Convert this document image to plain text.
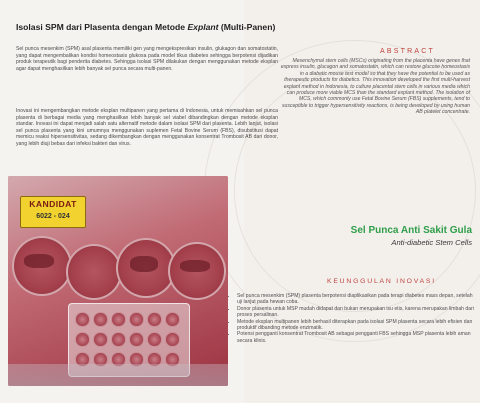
Isolasi SPM dari Plasenta dengan Metode Explant (Multi-Panen)
Sel punca mesenkim (SPM) asal plasenta memiliki gen yang mengekspresikan insulin, glukagon dan somatostatin, yang dapat mengembalikan kondisi homeostasis glukosa pada model tikus diabetes sehingga berpotensi dijadikan produk terapeutik bagi penderita diabetes. Sehingga isolasi SPM dilakukan dengan menggunakan metode eksplan agar dapat menghasilkan lebih banyak sel punca secara multi-panen.
Inovasi ini mengembangkan metode eksplan multipanen yang pertama di Indonesia, untuk memisahkan sel punca plasenta di berbagai media yang menghasilkan lebih banyak sel viabel dibandingkan dengan metode eksplan standar. Inovasi ini dapat menjadi salah satu alternatif metode dalam isolasi SPM dari plasenta. Lebih lanjut, isolasi sel punca plasenta yang kini umumnya menggunakan suplemen Fetal Bovine Serum (FBS), disubstitusi dapat memicu reaksi hipersensitivitas, sedang dikembangkan dengan menggunakan konsentrat Trombosit AB dari donor, yang lebih diuji bebas dari infeksi bakteri dan virus.
KANDIDAT
6022 - 024
ABSTRACT
Mesenchymal stem cells (MSCs) originating from the placenta have genes that express insulin, glucagon and somatostatin, which can restore glucose homeostasis in a diabetic mouse test model so that they have the potential to be used as therapeutic products for diabetics. This innovation developed the first multi-harvest explant method in Indonesia, to culture placental stem cells in various media which can produce more viable MCS than the standard explant method. The isolation of MCS, which commonly use Fetal Bovine Serum (FBS) supplements, tend to susceptible to trigger hypersensitivity reactions, is being developed by using human AB platelet concentrate.
Sel Punca Anti Sakit Gula
Anti-diabetic Stem Cells
KEUNGGULAN INOVASI
• Sel punca mesenkim (SPM) plasenta berpotensi diaplikasikan pada terapi diabetes mass depan, setelah uji lanjut pada hewan coba.
• Donor plasenta untuk MSP mudah didapat dan bukan merupakan isu etis, karena merupakan limbah dari proses persalinan.
• Metode eksplan multipanen lebih berhasil diterapkan pada isolasi SPM plasenta secara lebih efisien dan produktif dibanding metode enzimatik.
• Potensi pengganti konsentrat Trombosit AB sebagai pengganti FBS sehingga MSP plasenta lebih aman secara klinis.
